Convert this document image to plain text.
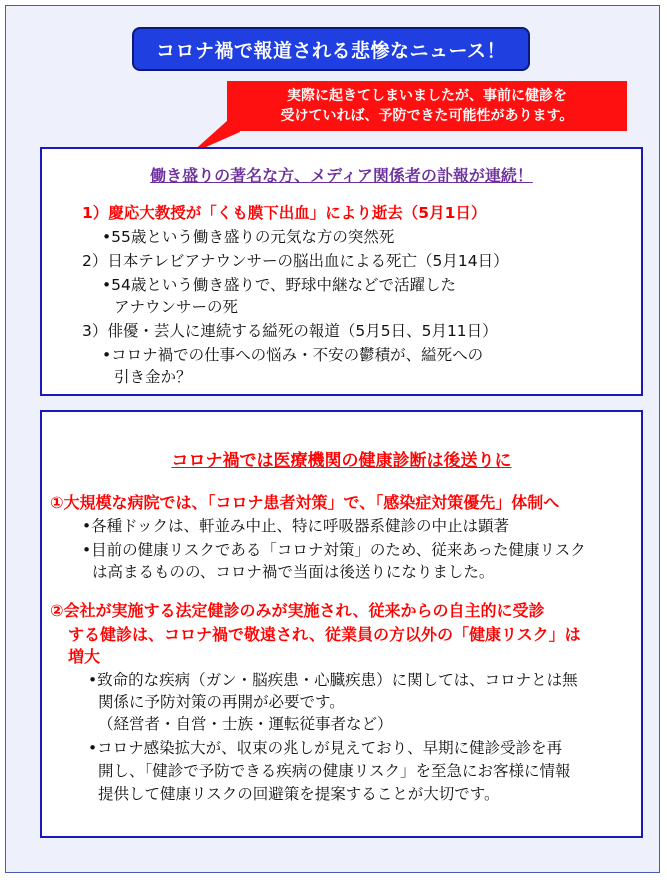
コロナ禍で報道される悲惨なニュース！
実際に起きてしまいましたが、事前に健診を
受けていれば、予防できた可能性があります。
働き盛りの著名な方、メディア関係者の訃報が連続！
1）慶応大教授が「くも膜下出血」により逝去（5月1日）
•55歳という働き盛りの元気な方の突然死
2）日本テレビアナウンサーの脳出血による死亡（5月14日）
•54歳という働き盛りで、野球中継などで活躍した
アナウンサーの死
3）俳優・芸人に連続する縊死の報道（5月5日、5月11日）
•コロナ禍での仕事への悩み・不安の鬱積が、縊死への
引き金か？
コロナ禍では医療機関の健康診断は後送りに
①大規模な病院では、「コロナ患者対策」で、「感染症対策優先」体制へ
•各種ドックは、軒並み中止、特に呼吸器系健診の中止は顕著
•目前の健康リスクである「コロナ対策」のため、従来あった健康リスク
は高まるものの、コロナ禍で当面は後送りになりました。
②会社が実施する法定健診のみが実施され、従来からの自主的に受診
する健診は、コロナ禍で敬遠され、従業員の方以外の「健康リスク」は
増大
•致命的な疾病（ガン・脳疾患・心臓疾患）に関しては、コロナとは無
関係に予防対策の再開が必要です。
（経営者・自営・士族・運転従事者など）
•コロナ感染拡大が、収束の兆しが見えており、早期に健診受診を再
開し、「健診で予防できる疾病の健康リスク」を至急にお客様に情報
提供して健康リスクの回避策を提案することが大切です。
